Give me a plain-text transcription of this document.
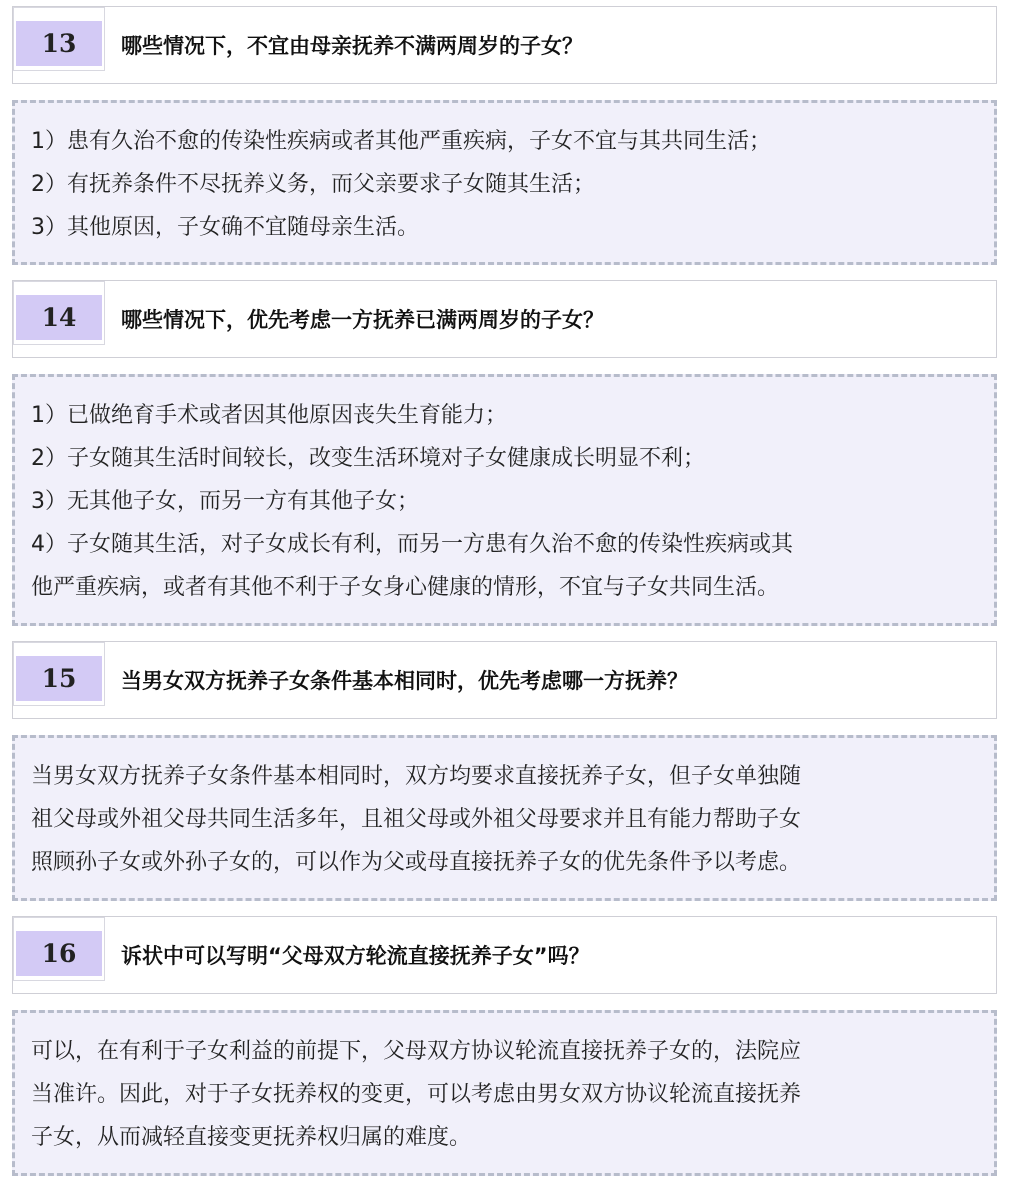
13	哪些情况下，不宜由母亲抚养不满两周岁的子女？
1）患有久治不愈的传染性疾病或者其他严重疾病，子女不宜与其共同生活；
2）有抚养条件不尽抚养义务，而父亲要求子女随其生活；
3）其他原因，子女确不宜随母亲生活。
14	哪些情况下，优先考虑一方抚养已满两周岁的子女？
1）已做绝育手术或者因其他原因丧失生育能力；
2）子女随其生活时间较长，改变生活环境对子女健康成长明显不利；
3）无其他子女，而另一方有其他子女；
4）子女随其生活，对子女成长有利，而另一方患有久治不愈的传染性疾病或其
他严重疾病，或者有其他不利于子女身心健康的情形，不宜与子女共同生活。
15	当男女双方抚养子女条件基本相同时，优先考虑哪一方抚养？
当男女双方抚养子女条件基本相同时，双方均要求直接抚养子女，但子女单独随
祖父母或外祖父母共同生活多年，且祖父母或外祖父母要求并且有能力帮助子女
照顾孙子女或外孙子女的，可以作为父或母直接抚养子女的优先条件予以考虑。
16	诉状中可以写明“父母双方轮流直接抚养子女”吗？
可以，在有利于子女利益的前提下，父母双方协议轮流直接抚养子女的，法院应
当准许。因此，对于子女抚养权的变更，可以考虑由男女双方协议轮流直接抚养
子女，从而减轻直接变更抚养权归属的难度。
